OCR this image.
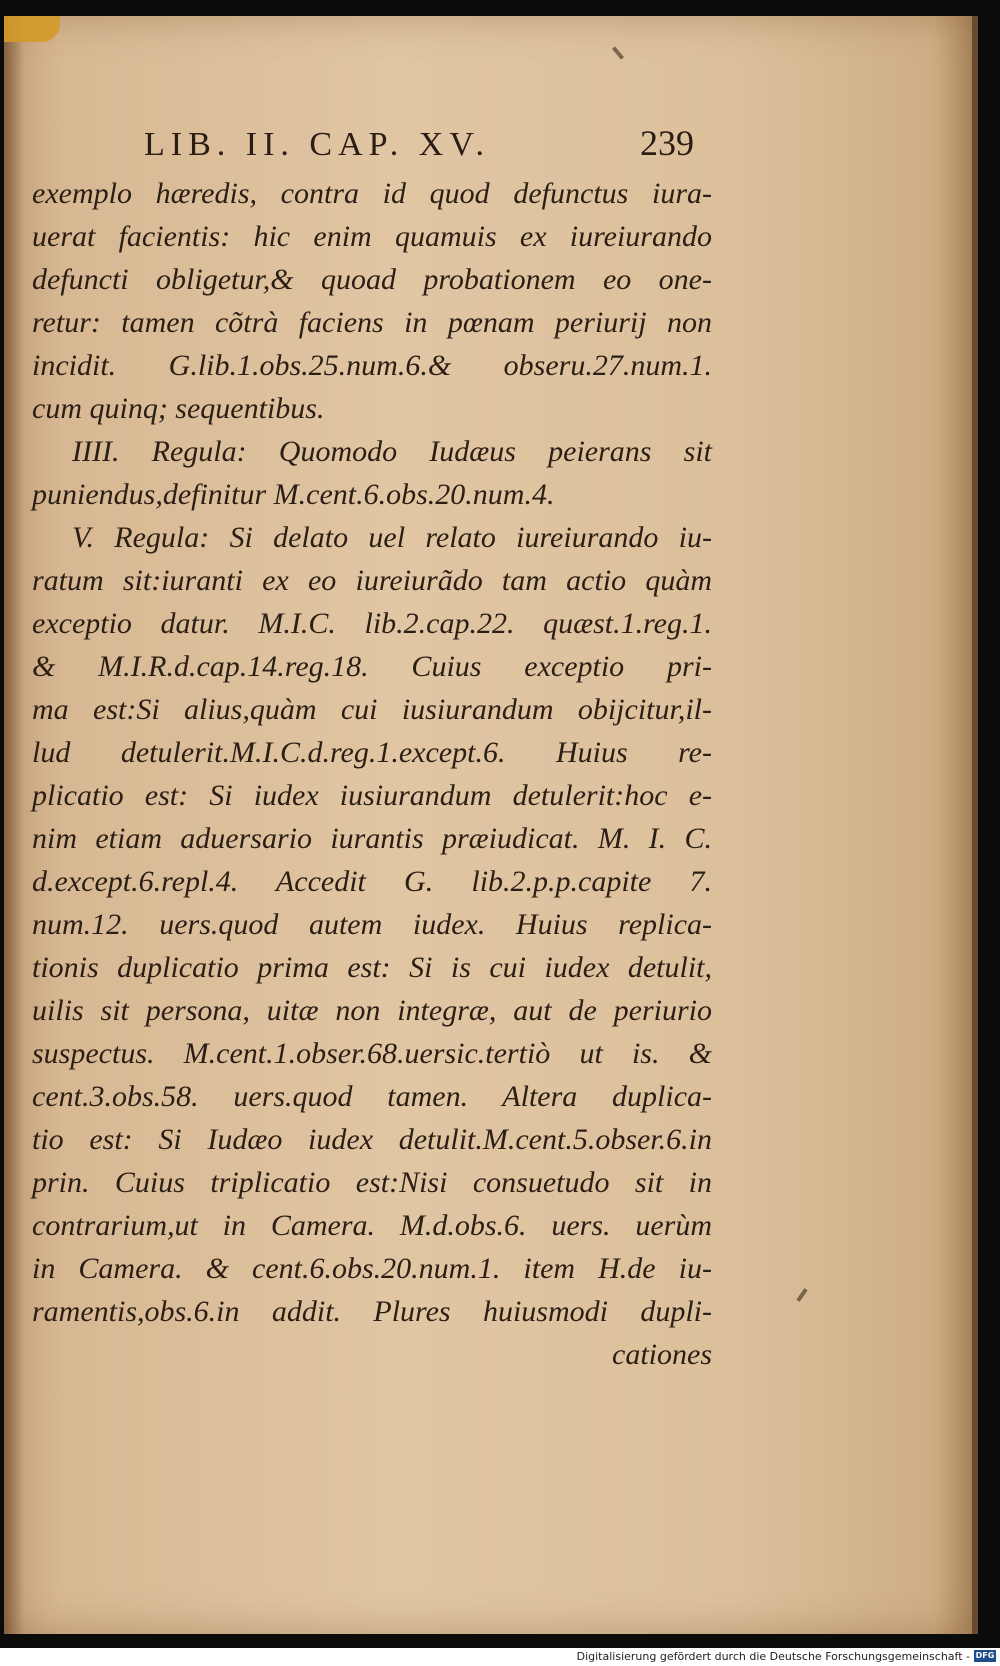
LIB. II. CAP. XV.	239
exemplo hæredis, contra id quod defunctus iura-
uerat facientis: hic enim quamuis ex iureiurando
defuncti obligetur,& quoad probationem eo one-
retur: tamen cõtrà faciens in pœnam periurij non
incidit. G.lib.1.obs.25.num.6.& obseru.27.num.1.
cum quinq; sequentibus.
IIII. Regula: Quomodo Iudæus peierans sit
puniendus,definitur M.cent.6.obs.20.num.4.
V. Regula: Si delato uel relato iureiurando iu-
ratum sit:iuranti ex eo iureiurãdo tam actio quàm
exceptio datur. M.I.C. lib.2.cap.22. quæst.1.reg.1.
& M.I.R.d.cap.14.reg.18. Cuius exceptio pri-
ma est:Si alius,quàm cui iusiurandum obijcitur,il-
lud detulerit.M.I.C.d.reg.1.except.6. Huius re-
plicatio est: Si iudex iusiurandum detulerit:hoc e-
nim etiam aduersario iurantis præiudicat. M. I. C.
d.except.6.repl.4. Accedit G. lib.2.p.p.capite 7.
num.12. uers.quod autem iudex. Huius replica-
tionis duplicatio prima est: Si is cui iudex detulit,
uilis sit persona, uitæ non integræ, aut de periurio
suspectus. M.cent.1.obser.68.uersic.tertiò ut is. &
cent.3.obs.58. uers.quod tamen. Altera duplica-
tio est: Si Iudæo iudex detulit.M.cent.5.obser.6.in
prin. Cuius triplicatio est:Nisi consuetudo sit in
contrarium,ut in Camera. M.d.obs.6. uers. uerùm
in Camera. & cent.6.obs.20.num.1. item H.de iu-
ramentis,obs.6.in addit. Plures huiusmodi dupli-
cationes
Digitalisierung gefördert durch die Deutsche Forschungsgemeinschaft - DFG
